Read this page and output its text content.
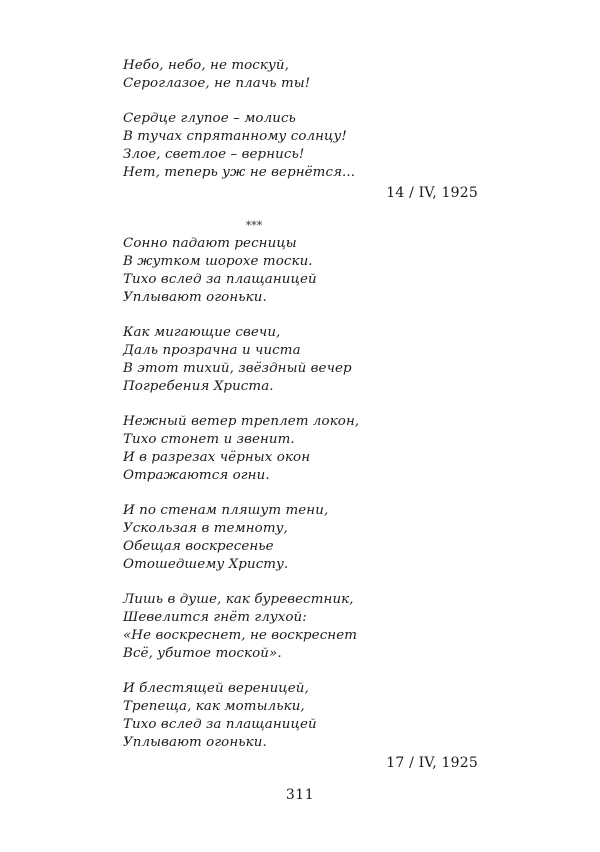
Небо, небо, не тоскуй,
Сероглазое, не плачь ты!
Сердце глупое – молись
В тучах спрятанному солнцу!
Злое, светлое – вернись!
Нет, теперь уж не вернётся...
14 / IV, 1925
***
Сонно падают ресницы
В жутком шорохе тоски.
Тихо вслед за плащаницей
Уплывают огоньки.
Как мигающие свечи,
Даль прозрачна и чиста
В этот тихий, звёздный вечер
Погребения Христа.
Нежный ветер треплет локон,
Тихо стонет и звенит.
И в разрезах чёрных окон
Отражаются огни.
И по стенам пляшут тени,
Ускользая в темноту,
Обещая воскресенье
Отошедшему Христу.
Лишь в душе, как буревестник,
Шевелится гнёт глухой:
«Не воскреснет, не воскреснет
Всё, убитое тоской».
И блестящей вереницей,
Трепеща, как мотыльки,
Тихо вслед за плащаницей
Уплывают огоньки.
17 / IV, 1925
311
